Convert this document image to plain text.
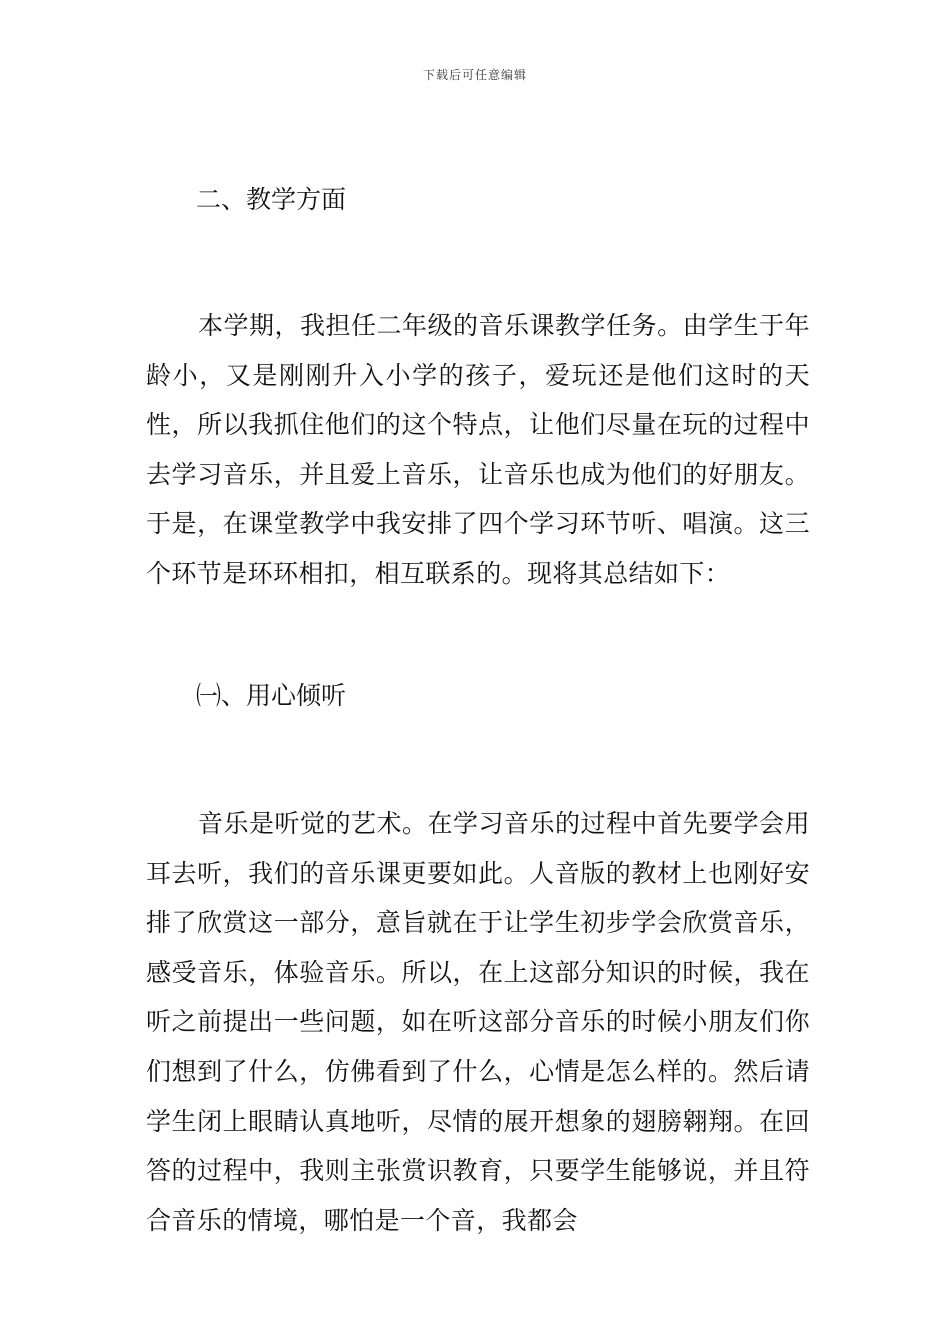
下载后可任意编辑
二、教学方面

本学期，我担任二年级的音乐课教学任务。由学生于年龄小，又是刚刚升入小学的孩子，爱玩还是他们这时的天性，所以我抓住他们的这个特点，让他们尽量在玩的过程中去学习音乐，并且爱上音乐，让音乐也成为他们的好朋友。于是，在课堂教学中我安排了四个学习环节听、唱演。这三个环节是环环相扣，相互联系的。现将其总结如下：

㈠、用心倾听

音乐是听觉的艺术。在学习音乐的过程中首先要学会用耳去听，我们的音乐课更要如此。人音版的教材上也刚好安排了欣赏这一部分，意旨就在于让学生初步学会欣赏音乐，感受音乐，体验音乐。所以，在上这部分知识的时候，我在听之前提出一些问题，如在听这部分音乐的时候小朋友们你们想到了什么，仿佛看到了什么，心情是怎么样的。然后请学生闭上眼睛认真地听，尽情的展开想象的翅膀翱翔。在回答的过程中，我则主张赏识教育，只要学生能够说，并且符合音乐的情境，哪怕是一个音，我都会
